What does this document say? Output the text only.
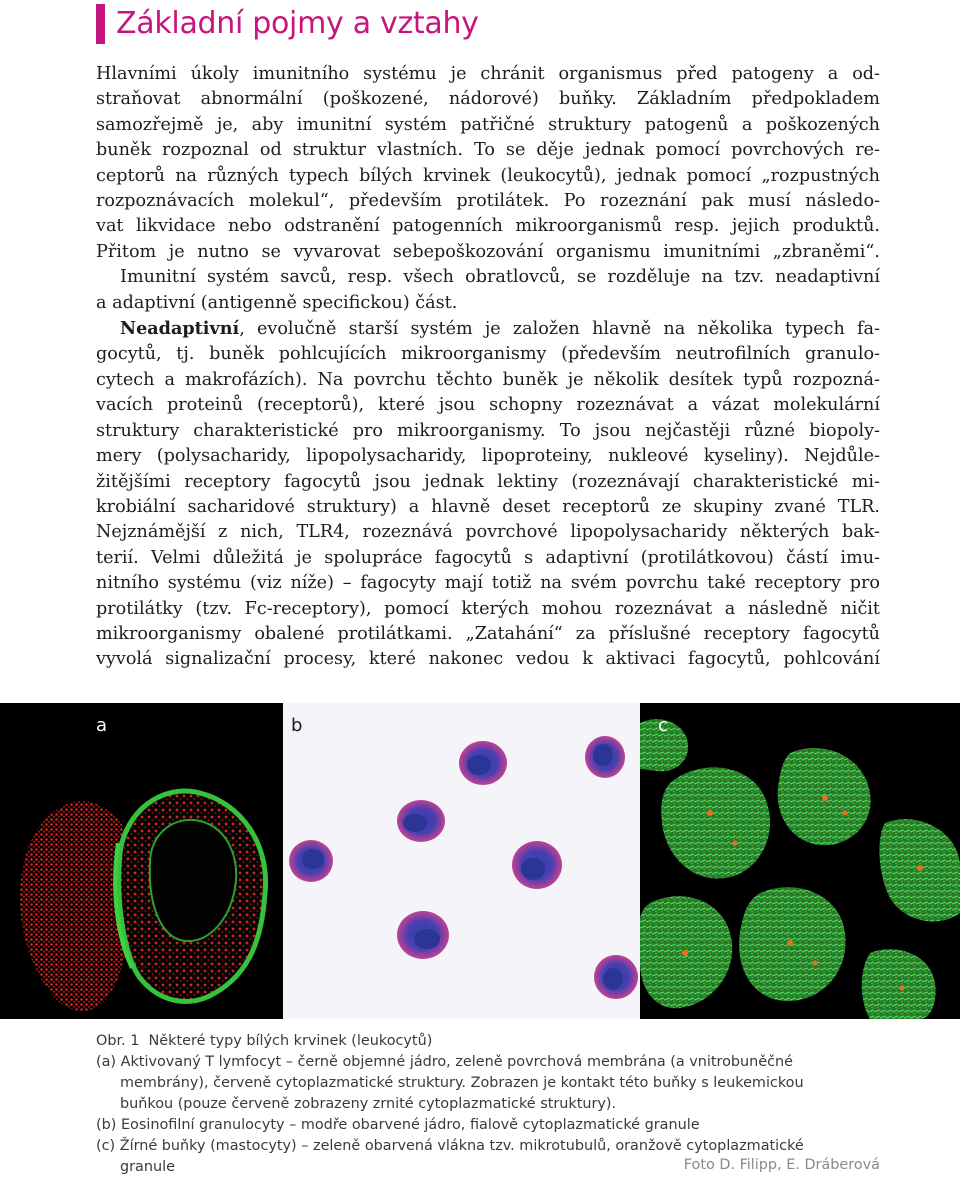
Základní pojmy a vztahy
Hlavními úkoly imunitního systému je chránit organismus před patogeny a od-
straňovat abnormální (poškozené, nádorové) buňky. Základním předpokladem
samozřejmě je, aby imunitní systém patřičné struktury patogenů a poškozených
buněk rozpoznal od struktur vlastních. To se děje jednak pomocí povrchových re-
ceptorů na různých typech bílých krvinek (leukocytů), jednak pomocí „rozpustných
rozpoznávacích molekul“, především protilátek. Po rozeznání pak musí následo-
vat likvidace nebo odstranění patogenních mikroorganismů resp. jejich produktů.
Přitom je nutno se vyvarovat sebepoškozování organismu imunitními „zbraněmi“.
Imunitní systém savců, resp. všech obratlovců, se rozděluje na tzv. neadaptivní
a adaptivní (antigenně specifickou) část.
Neadaptivní, evolučně starší systém je založen hlavně na několika typech fa-
gocytů, tj. buněk pohlcujících mikroorganismy (především neutrofilních granulo-
cytech a makrofázích). Na povrchu těchto buněk je několik desítek typů rozpozná-
vacích proteinů (receptorů), které jsou schopny rozeznávat a vázat molekulární
struktury charakteristické pro mikroorganismy. To jsou nejčastěji různé biopoly-
mery (polysacharidy, lipopolysacharidy, lipoproteiny, nukleové kyseliny). Nejdůle-
žitějšími receptory fagocytů jsou jednak lektiny (rozeznávají charakteristické mi-
krobiální sacharidové struktury) a hlavně deset receptorů ze skupiny zvané TLR.
Nejznámější z nich, TLR4, rozeznává povrchové lipopolysacharidy některých bak-
terií. Velmi důležitá je spolupráce fagocytů s adaptivní (protilátkovou) částí imu-
nitního systému (viz níže) – fagocyty mají totiž na svém povrchu také receptory pro
protilátky (tzv. Fc-receptory), pomocí kterých mohou rozeznávat a následně ničit
mikroorganismy obalené protilátkami. „Zatahání“ za příslušné receptory fagocytů
vyvolá signalizační procesy, které nakonec vedou k aktivaci fagocytů, pohlcování
a	b	c
Obr. 1 Některé typy bílých krvinek (leukocytů)
(a) Aktivovaný T lymfocyt – černě objemné jádro, zeleně povrchová membrána (a vnitrobuněčné
membrány), červeně cytoplazmatické struktury. Zobrazen je kontakt této buňky s leukemickou
buňkou (pouze červeně zobrazeny zrnité cytoplazmatické struktury).
(b) Eosinofilní granulocyty – modře obarvené jádro, fialově cytoplazmatické granule
(c) Žírné buňky (mastocyty) – zeleně obarvená vlákna tzv. mikrotubulů, oranžově cytoplazmatické
granule	Foto D. Filipp, E. Dráberová
